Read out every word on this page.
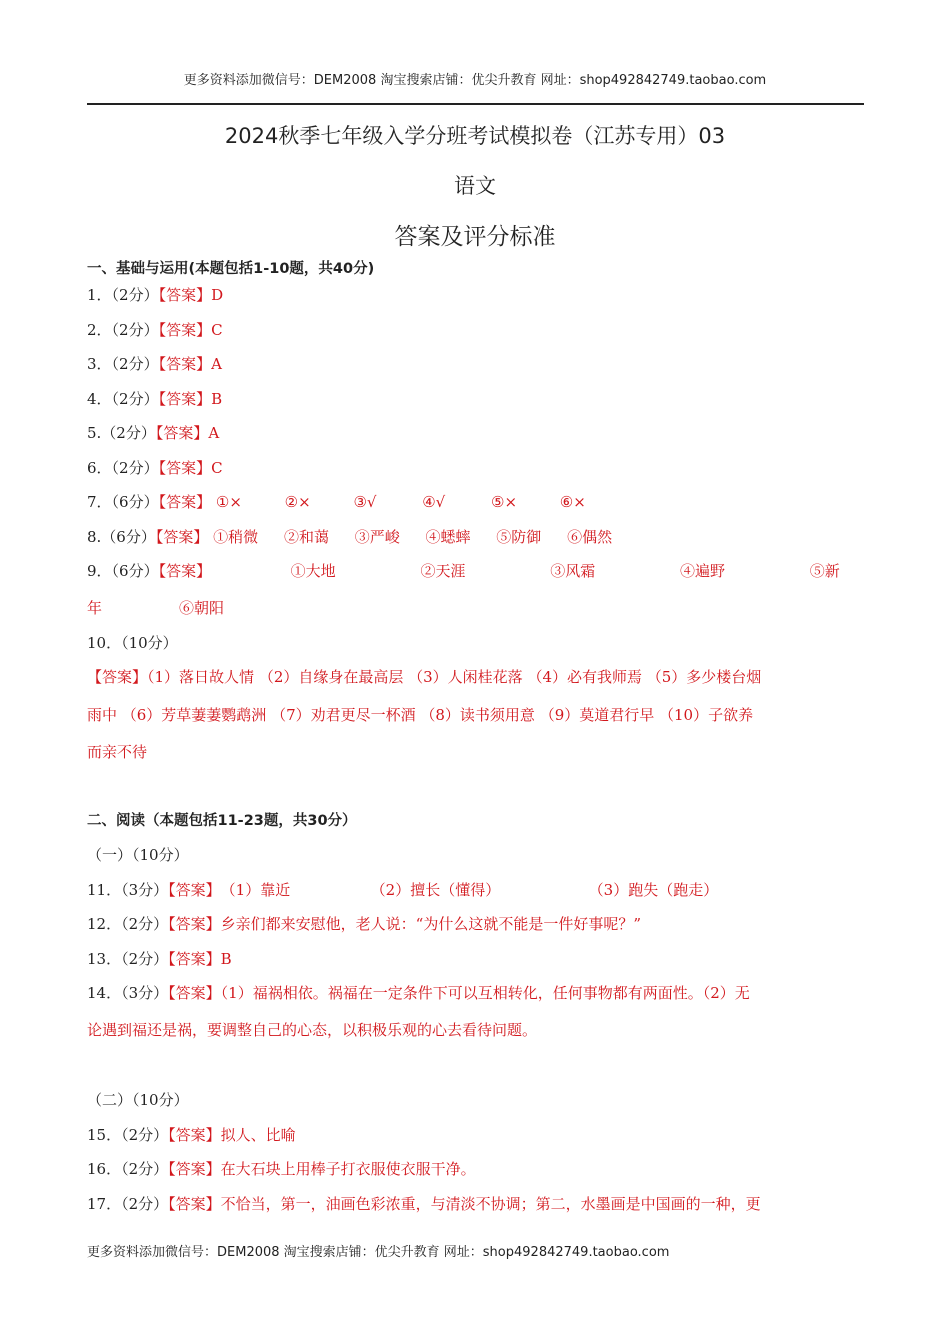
更多资料添加微信号：DEM2008 淘宝搜索店铺：优尖升教育 网址：shop492842749.taobao.com
2024秋季七年级入学分班考试模拟卷（江苏专用）03
语文
答案及评分标准
一、基础与运用(本题包括1-10题，共40分)
1．（2分）【答案】D
2．（2分）【答案】C
3．（2分）【答案】A
4．（2分）【答案】B
5.（2分）【答案】A
6．（2分）【答案】C
7．（6分）【答案】 ①×	②×	③√	④√	⑤×	⑥×
8.（6分）【答案】 ①稍微 ②和蔼 ③严峻 ④蟋蟀 ⑤防御 ⑥偶然
9．（6分）【答案】	①大地	②天涯	③风霜	④遍野	⑤新
年	⑥朝阳
10．（10分）
【答案】（1）落日故人情 （2）自缘身在最高层 （3）人闲桂花落 （4）必有我师焉 （5）多少楼台烟
雨中 （6）芳草萋萋鹦鹉洲 （7）劝君更尽一杯酒 （8）读书须用意 （9）莫道君行早 （10）子欲养
而亲不待
二、阅读（本题包括11-23题，共30分）
（一）（10分）
11．（3分）【答案】（1）靠近	（2）擅长（懂得）	（3）跑失（跑走）
12．（2分）【答案】乡亲们都来安慰他，老人说：“为什么这就不能是一件好事呢？”
13．（2分）【答案】B
14．（3分）【答案】（1）福祸相依。祸福在一定条件下可以互相转化，任何事物都有两面性。（2）无
论遇到福还是祸，要调整自己的心态，以积极乐观的心去看待问题。
（二）（10分）
15．（2分）【答案】拟人、比喻
16．（2分）【答案】在大石块上用棒子打衣服使衣服干净。
17．（2分）【答案】不恰当，第一，油画色彩浓重，与清淡不协调；第二，水墨画是中国画的一种，更
更多资料添加微信号：DEM2008 淘宝搜索店铺：优尖升教育 网址：shop492842749.taobao.com
